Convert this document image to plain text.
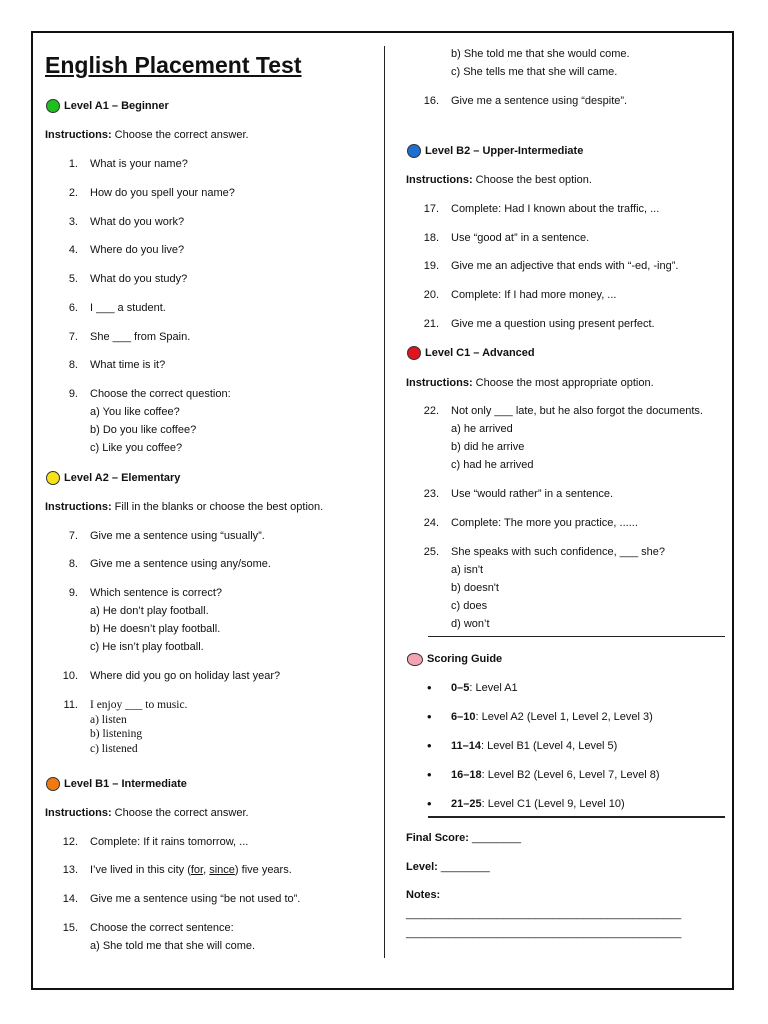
English Placement Test
Level A1 – Beginner
Instructions: Choose the correct answer.
1. What is your name?
2. How do you spell your name?
3. What do you work?
4. Where do you live?
5. What do you study?
6. I ___ a student.
7. She ___ from Spain.
8. What time is it?
9. Choose the correct question:
a) You like coffee?
b) Do you like coffee?
c) Like you coffee?
Level A2 – Elementary
Instructions: Fill in the blanks or choose the best option.
7. Give me a sentence using “usually”.
8. Give me a sentence using any/some.
9. Which sentence is correct?
a) He don’t play football.
b) He doesn’t play football.
c) He isn’t play football.
10. Where did you go on holiday last year?
11. I enjoy ___ to music.
a) listen
b) listening
c) listened
Level B1 – Intermediate
Instructions: Choose the correct answer.
12. Complete: If it rains tomorrow, ...
13. I’ve lived in this city (for, since) five years.
14. Give me a sentence using “be not used to”.
15. Choose the correct sentence:
a) She told me that she will come.
b) She told me that she would come.
c) She tells me that she will came.
16. Give me a sentence using “despite”.
Level B2 – Upper-Intermediate
Instructions: Choose the best option.
17. Complete: Had I known about the traffic, ...
18. Use “good at” in a sentence.
19. Give me an adjective that ends with “-ed, -ing”.
20. Complete: If I had more money, ...
21. Give me a question using present perfect.
Level C1 – Advanced
Instructions: Choose the most appropriate option.
22. Not only ___ late, but he also forgot the documents.
a) he arrived
b) did he arrive
c) had he arrived
23. Use “would rather” in a sentence.
24. Complete: The more you practice, ......
25. She speaks with such confidence, ___ she?
a) isn't
b) doesn't
c) does
d) won’t
Scoring Guide
• 0–5: Level A1
• 6–10: Level A2 (Level 1, Level 2, Level 3)
• 11–14: Level B1 (Level 4, Level 5)
• 16–18: Level B2 (Level 6, Level 7, Level 8)
• 21–25: Level C1 (Level 9, Level 10)
Final Score: ________
Level: ________
Notes:
_____________________________________________
_____________________________________________
